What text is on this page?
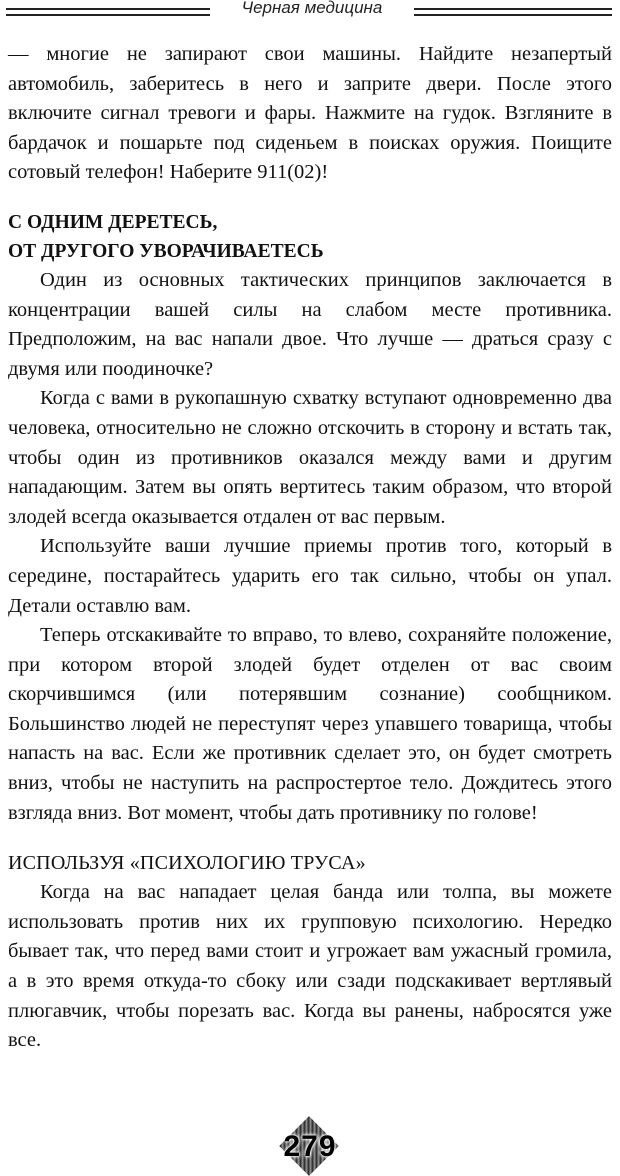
Черная медицина

— многие не запирают свои машины. Найдите незапертый автомобиль, заберитесь в него и заприте двери. После этого включите сигнал тревоги и фары. Нажмите на гудок. Взгляните в бардачок и пошарьте под сиденьем в поисках оружия. Поищите сотовый телефон! Наберите 911(02)!

С ОДНИМ ДЕРЕТЕСЬ,

ОТ ДРУГОГО УВОРАЧИВАЕТЕСЬ

Один из основных тактических принципов заключается в концентрации вашей силы на слабом месте противника. Предположим, на вас напали двое. Что лучше — драться сразу с двумя или поодиночке?

Когда с вами в рукопашную схватку вступают одновременно два человека, относительно не сложно отскочить в сторону и встать так, чтобы один из противников оказался между вами и другим нападающим. Затем вы опять вертитесь таким образом, что второй злодей всегда оказывается отдален от вас первым.

Используйте ваши лучшие приемы против того, который в середине, постарайтесь ударить его так сильно, чтобы он упал. Детали оставлю вам.

Теперь отскакивайте то вправо, то влево, сохраняйте положение, при котором второй злодей будет отделен от вас своим скорчившимся (или потерявшим сознание) сообщником. Большинство людей не переступят через упавшего товарища, чтобы напасть на вас. Если же противник сделает это, он будет смотреть вниз, чтобы не наступить на распростертое тело. Дождитесь этого взгляда вниз. Вот момент, чтобы дать противнику по голове!

ИСПОЛЬЗУЯ «ПСИХОЛОГИЮ ТРУСА»

Когда на вас нападает целая банда или толпа, вы можете использовать против них их групповую психологию. Нередко бывает так, что перед вами стоит и угрожает вам ужасный громила, а в это время откуда-то сбоку или сзади подскакивает вертлявый плюгавчик, чтобы порезать вас. Когда вы ранены, набросятся уже все.

279
